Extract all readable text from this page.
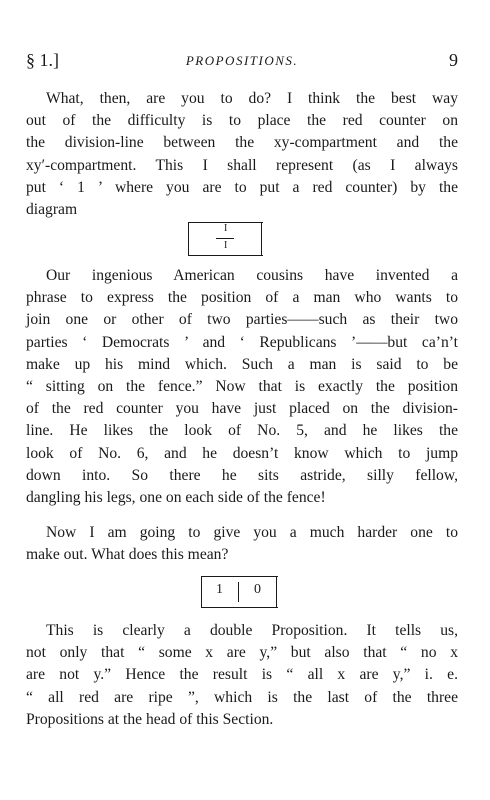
§ 1.]	PROPOSITIONS.	9
What, then, are you to do? I think the best way
out of the difficulty is to place the red counter on
the division-line between the xy-compartment and the
xy′-compartment. This I shall represent (as I always
put ‘ 1 ’ where you are to put a red counter) by the
diagram
I
I
Our ingenious American cousins have invented a
phrase to express the position of a man who wants to
join one or other of two parties——such as their two
parties ‘ Democrats ’ and ‘ Republicans ’——but ca’n’t
make up his mind which. Such a man is said to be
“ sitting on the fence.” Now that is exactly the position
of the red counter you have just placed on the division-
line. He likes the look of No. 5, and he likes the
look of No. 6, and he doesn’t know which to jump
down into. So there he sits astride, silly fellow,
dangling his legs, one on each side of the fence!
Now I am going to give you a much harder one to
make out. What does this mean?
1 0
This is clearly a double Proposition. It tells us,
not only that “ some x are y,” but also that “ no x
are not y.” Hence the result is “ all x are y,” i. e.
“ all red are ripe ”, which is the last of the three
Propositions at the head of this Section.
